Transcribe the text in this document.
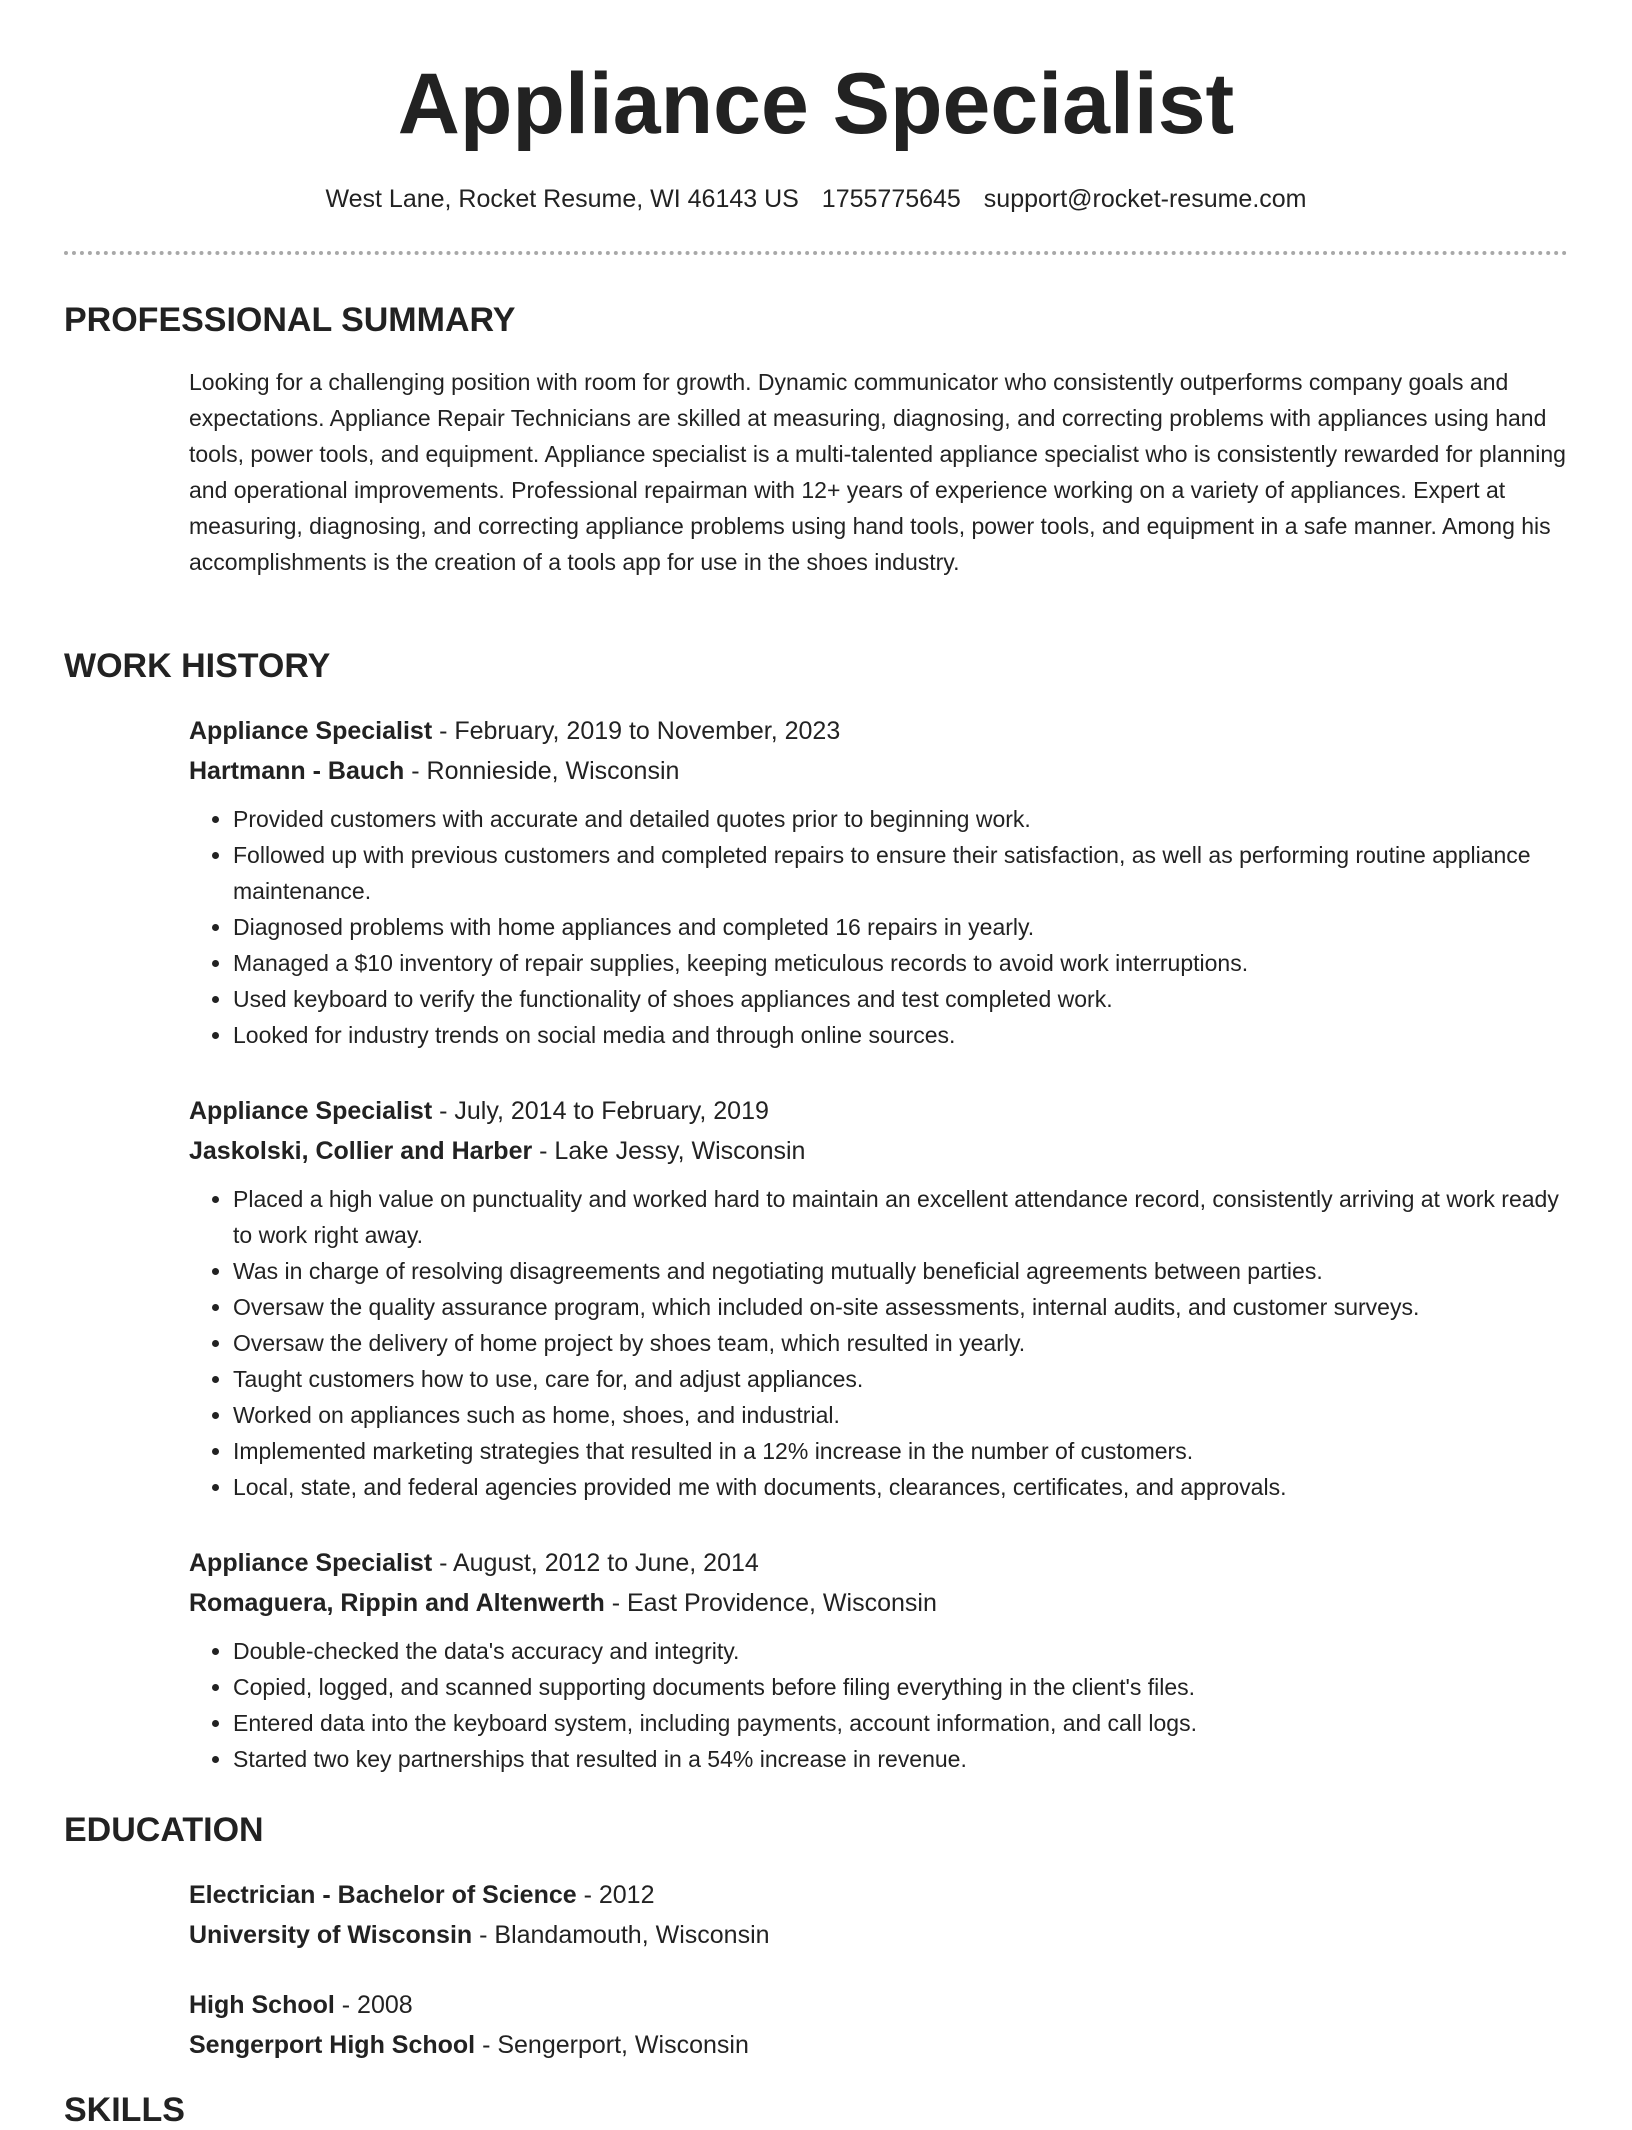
Appliance Specialist
West Lane, Rocket Resume, WI 46143 US 1755775645 support@rocket-resume.com
PROFESSIONAL SUMMARY

Looking for a challenging position with room for growth. Dynamic communicator who consistently outperforms company goals and expectations. Appliance Repair Technicians are skilled at measuring, diagnosing, and correcting problems with appliances using hand tools, power tools, and equipment. Appliance specialist is a multi-talented appliance specialist who is consistently rewarded for planning and operational improvements. Professional repairman with 12+ years of experience working on a variety of appliances. Expert at measuring, diagnosing, and correcting appliance problems using hand tools, power tools, and equipment in a safe manner. Among his accomplishments is the creation of a tools app for use in the shoes industry.

WORK HISTORY
Appliance Specialist - February, 2019 to November, 2023
Hartmann - Bauch - Ronnieside, Wisconsin
• Provided customers with accurate and detailed quotes prior to beginning work.
• Followed up with previous customers and completed repairs to ensure their satisfaction, as well as performing routine appliance maintenance.
• Diagnosed problems with home appliances and completed 16 repairs in yearly.
• Managed a $10 inventory of repair supplies, keeping meticulous records to avoid work interruptions.
• Used keyboard to verify the functionality of shoes appliances and test completed work.
• Looked for industry trends on social media and through online sources.
Appliance Specialist - July, 2014 to February, 2019
Jaskolski, Collier and Harber - Lake Jessy, Wisconsin
• Placed a high value on punctuality and worked hard to maintain an excellent attendance record, consistently arriving at work ready to work right away.
• Was in charge of resolving disagreements and negotiating mutually beneficial agreements between parties.
• Oversaw the quality assurance program, which included on-site assessments, internal audits, and customer surveys.
• Oversaw the delivery of home project by shoes team, which resulted in yearly.
• Taught customers how to use, care for, and adjust appliances.
• Worked on appliances such as home, shoes, and industrial.
• Implemented marketing strategies that resulted in a 12% increase in the number of customers.
• Local, state, and federal agencies provided me with documents, clearances, certificates, and approvals.
Appliance Specialist - August, 2012 to June, 2014
Romaguera, Rippin and Altenwerth - East Providence, Wisconsin
• Double-checked the data's accuracy and integrity.
• Copied, logged, and scanned supporting documents before filing everything in the client's files.
• Entered data into the keyboard system, including payments, account information, and call logs.
• Started two key partnerships that resulted in a 54% increase in revenue.
EDUCATION
Electrician - Bachelor of Science - 2012
University of Wisconsin - Blandamouth, Wisconsin
High School - 2008
Sengerport High School - Sengerport, Wisconsin
SKILLS
